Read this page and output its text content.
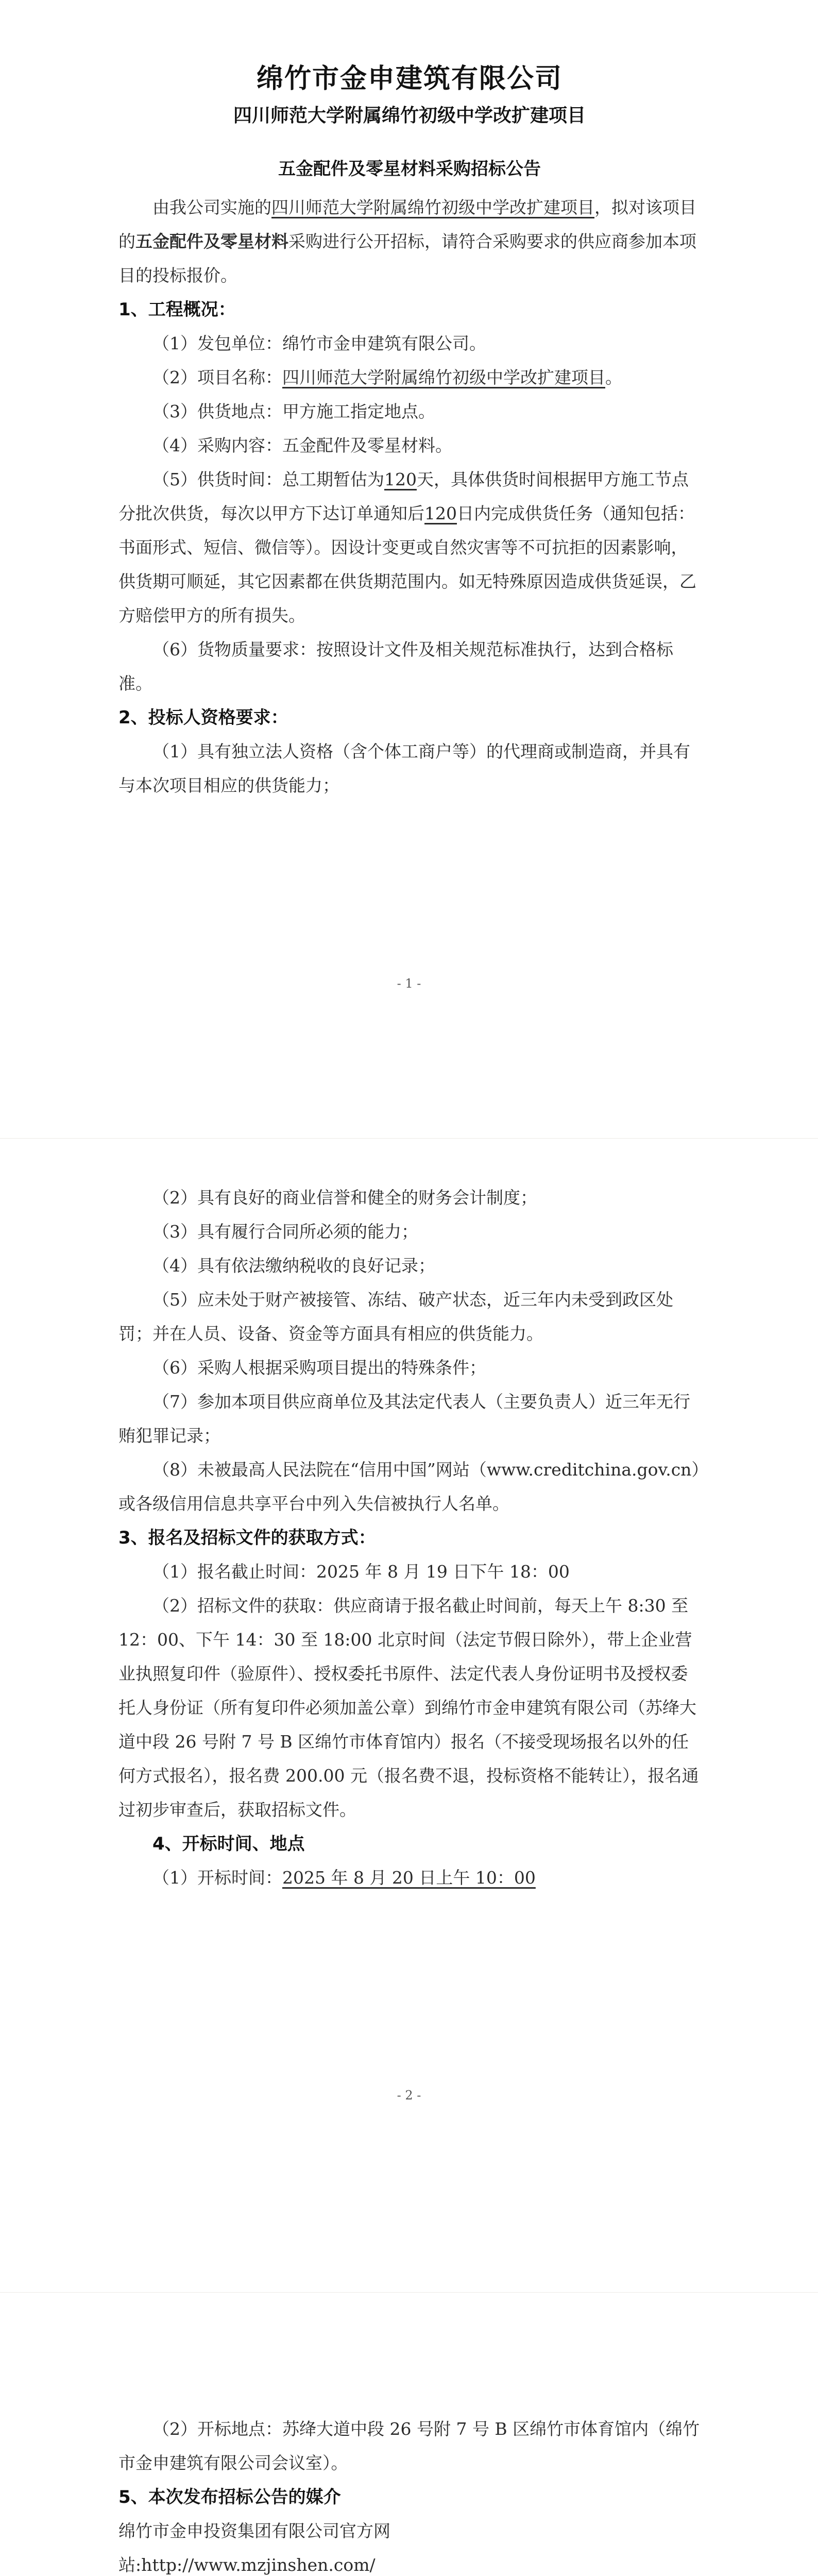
绵竹市金申建筑有限公司
四川师范大学附属绵竹初级中学改扩建项目
五金配件及零星材料采购招标公告

由我公司实施的四川师范大学附属绵竹初级中学改扩建项目，拟对该项目的五金配件及零星材料采购进行公开招标，请符合采购要求的供应商参加本项目的投标报价。

1、工程概况：

（1）发包单位：绵竹市金申建筑有限公司。

（2）项目名称：四川师范大学附属绵竹初级中学改扩建项目。

（3）供货地点：甲方施工指定地点。

（4）采购内容：五金配件及零星材料。

（5）供货时间：总工期暂估为120天，具体供货时间根据甲方施工节点分批次供货，每次以甲方下达订单通知后120日内完成供货任务（通知包括：书面形式、短信、微信等）。因设计变更或自然灾害等不可抗拒的因素影响，供货期可顺延，其它因素都在供货期范围内。如无特殊原因造成供货延误，乙方赔偿甲方的所有损失。

（6）货物质量要求：按照设计文件及相关规范标准执行，达到合格标准。

2、投标人资格要求：

（1）具有独立法人资格（含个体工商户等）的代理商或制造商，并具有与本次项目相应的供货能力；

- 1 -

（2）具有良好的商业信誉和健全的财务会计制度；

（3）具有履行合同所必须的能力；

（4）具有依法缴纳税收的良好记录；

（5）应未处于财产被接管、冻结、破产状态，近三年内未受到政区处罚；并在人员、设备、资金等方面具有相应的供货能力。

（6）采购人根据采购项目提出的特殊条件；

（7）参加本项目供应商单位及其法定代表人（主要负责人）近三年无行贿犯罪记录；

（8）未被最高人民法院在“信用中国”网站（www.creditchina.gov.cn）或各级信用信息共享平台中列入失信被执行人名单。

3、报名及招标文件的获取方式：

（1）报名截止时间：2025 年 8 月 19 日下午 18：00

（2）招标文件的获取：供应商请于报名截止时间前，每天上午 8:30 至 12：00、下午 14：30 至 18:00 北京时间（法定节假日除外），带上企业营业执照复印件（验原件）、授权委托书原件、法定代表人身份证明书及授权委托人身份证（所有复印件必须加盖公章）到绵竹市金申建筑有限公司（苏绛大道中段 26 号附 7 号 B 区绵竹市体育馆内）报名（不接受现场报名以外的任何方式报名），报名费 200.00 元（报名费不退，投标资格不能转让），报名通过初步审查后，获取招标文件。

4、开标时间、地点

（1）开标时间：2025 年 8 月 20 日上午 10：00

- 2 -

（2）开标地点：苏绛大道中段 26 号附 7 号 B 区绵竹市体育馆内（绵竹市金申建筑有限公司会议室）。

5、本次发布招标公告的媒介

绵竹市金申投资集团有限公司官方网

站:http://www.mzjinshen.com/
